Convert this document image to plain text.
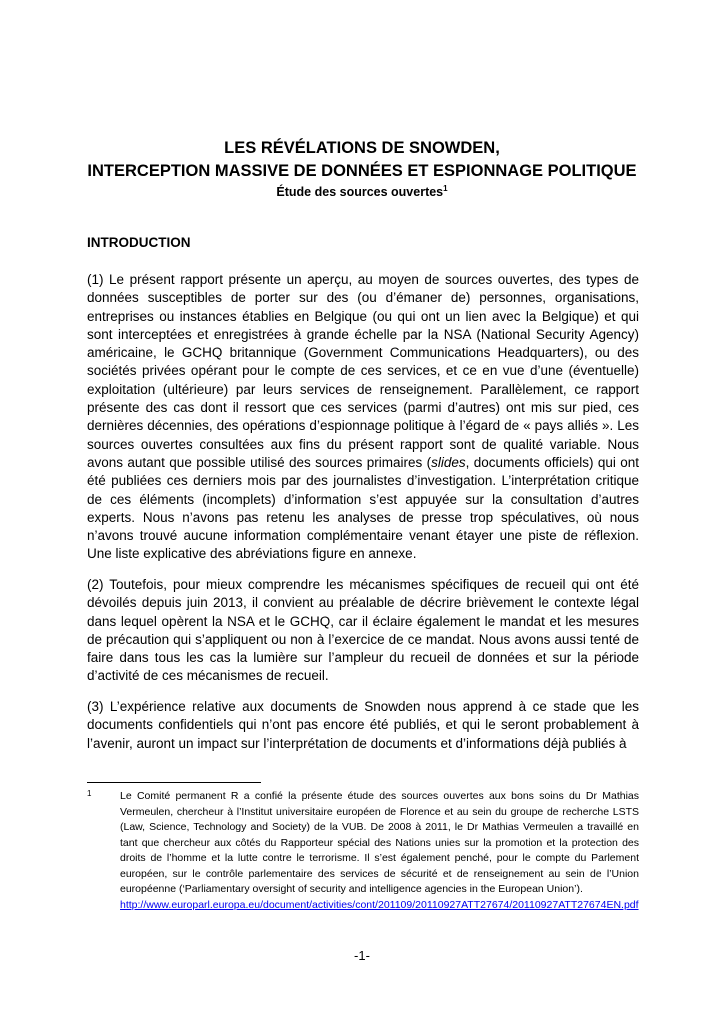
LES RÉVÉLATIONS DE SNOWDEN,
INTERCEPTION MASSIVE DE DONNÉES ET ESPIONNAGE POLITIQUE
Étude des sources ouvertes$^1$
INTRODUCTION

(1) Le présent rapport présente un aperçu, au moyen de sources ouvertes, des types de données susceptibles de porter sur des (ou d’émaner de) personnes, organisations, entreprises ou instances établies en Belgique (ou qui ont un lien avec la Belgique) et qui sont interceptées et enregistrées à grande échelle par la NSA (National Security Agency) américaine, le GCHQ britannique (Government Communications Headquarters), ou des sociétés privées opérant pour le compte de ces services, et ce en vue d’une (éventuelle) exploitation (ultérieure) par leurs services de renseignement. Parallèlement, ce rapport présente des cas dont il ressort que ces services (parmi d’autres) ont mis sur pied, ces dernières décennies, des opérations d’espionnage politique à l’égard de « pays alliés ». Les sources ouvertes consultées aux fins du présent rapport sont de qualité variable. Nous avons autant que possible utilisé des sources primaires (slides, documents officiels) qui ont été publiées ces derniers mois par des journalistes d’investigation. L’interprétation critique de ces éléments (incomplets) d’information s’est appuyée sur la consultation d’autres experts. Nous n’avons pas retenu les analyses de presse trop spéculatives, où nous n’avons trouvé aucune information complémentaire venant étayer une piste de réflexion. Une liste explicative des abréviations figure en annexe.

(2) Toutefois, pour mieux comprendre les mécanismes spécifiques de recueil qui ont été dévoilés depuis juin 2013, il convient au préalable de décrire brièvement le contexte légal dans lequel opèrent la NSA et le GCHQ, car il éclaire également le mandat et les mesures de précaution qui s’appliquent ou non à l’exercice de ce mandat. Nous avons aussi tenté de faire dans tous les cas la lumière sur l’ampleur du recueil de données et sur la période d’activité de ces mécanismes de recueil.

(3) L’expérience relative aux documents de Snowden nous apprend à ce stade que les documents confidentiels qui n’ont pas encore été publiés, et qui le seront probablement à l’avenir, auront un impact sur l’interprétation de documents et d’informations déjà publiés à

1	Le Comité permanent R a confié la présente étude des sources ouvertes aux bons soins du Dr Mathias Vermeulen, chercheur à l’Institut universitaire européen de Florence et au sein du groupe de recherche LSTS (Law, Science, Technology and Society) de la VUB. De 2008 à 2011, le Dr Mathias Vermeulen a travaillé en tant que chercheur aux côtés du Rapporteur spécial des Nations unies sur la promotion et la protection des droits de l’homme et la lutte contre le terrorisme. Il s’est également penché, pour le compte du Parlement européen, sur le contrôle parlementaire des services de sécurité et de renseignement au sein de l’Union européenne (‘Parliamentary oversight of security and intelligence agencies in the European Union’).
http://www.europarl.europa.eu/document/activities/cont/201109/20110927ATT27674/20110927ATT27674EN.pdf

-1-
